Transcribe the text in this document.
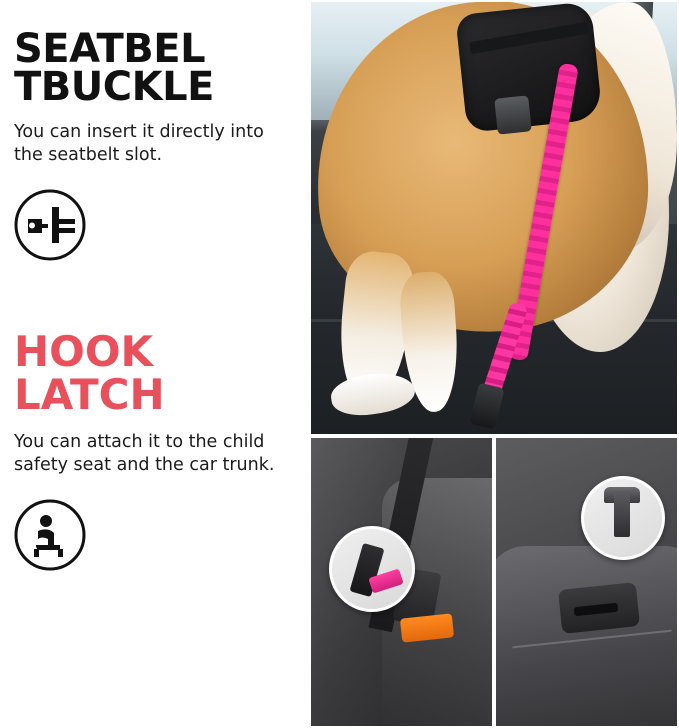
SEATBEL
TBUCKLE

You can insert it directly into the seatbelt slot.

HOOK
LATCH

You can attach it to the child safety seat and the car trunk.
